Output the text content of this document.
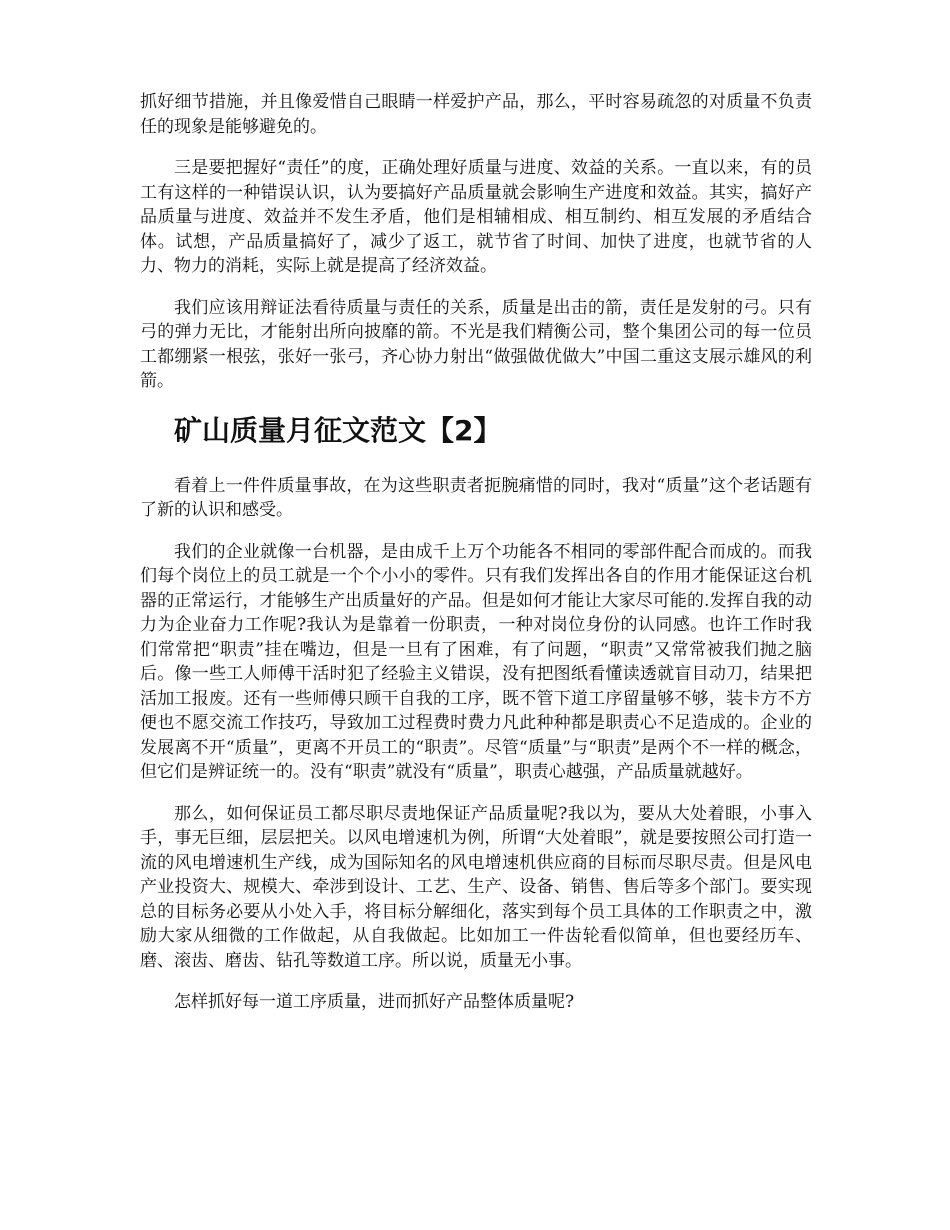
抓好细节措施，并且像爱惜自己眼睛一样爱护产品，那么，平时容易疏忽的对质量不负责任的现象是能够避免的。

三是要把握好“责任”的度，正确处理好质量与进度、效益的关系。一直以来，有的员工有这样的一种错误认识，认为要搞好产品质量就会影响生产进度和效益。其实，搞好产品质量与进度、效益并不发生矛盾，他们是相辅相成、相互制约、相互发展的矛盾结合体。试想，产品质量搞好了，减少了返工，就节省了时间、加快了进度，也就节省的人力、物力的消耗，实际上就是提高了经济效益。

我们应该用辩证法看待质量与责任的关系，质量是出击的箭，责任是发射的弓。只有弓的弹力无比，才能射出所向披靡的箭。不光是我们精衡公司，整个集团公司的每一位员工都绷紧一根弦，张好一张弓，齐心协力射出“做强做优做大”中国二重这支展示雄风的利箭。

矿山质量月征文范文【2】

看着上一件件质量事故，在为这些职责者扼腕痛惜的同时，我对“质量”这个老话题有了新的认识和感受。

我们的企业就像一台机器，是由成千上万个功能各不相同的零部件配合而成的。而我们每个岗位上的员工就是一个个小小的零件。只有我们发挥出各自的作用才能保证这台机器的正常运行，才能够生产出质量好的产品。但是如何才能让大家尽可能的.发挥自我的动力为企业奋力工作呢?我认为是靠着一份职责，一种对岗位身份的认同感。也许工作时我们常常把“职责”挂在嘴边，但是一旦有了困难，有了问题，“职责”又常常被我们抛之脑后。像一些工人师傅干活时犯了经验主义错误，没有把图纸看懂读透就盲目动刀，结果把活加工报废。还有一些师傅只顾干自我的工序，既不管下道工序留量够不够，装卡方不方便也不愿交流工作技巧，导致加工过程费时费力凡此种种都是职责心不足造成的。企业的发展离不开“质量”，更离不开员工的“职责”。尽管“质量”与“职责”是两个不一样的概念，但它们是辨证统一的。没有“职责”就没有“质量”，职责心越强，产品质量就越好。

那么，如何保证员工都尽职尽责地保证产品质量呢?我以为，要从大处着眼，小事入手，事无巨细，层层把关。以风电增速机为例，所谓“大处着眼”，就是要按照公司打造一流的风电增速机生产线，成为国际知名的风电增速机供应商的目标而尽职尽责。但是风电产业投资大、规模大、牵涉到设计、工艺、生产、设备、销售、售后等多个部门。要实现总的目标务必要从小处入手，将目标分解细化，落实到每个员工具体的工作职责之中，激励大家从细微的工作做起，从自我做起。比如加工一件齿轮看似简单，但也要经历车、磨、滚齿、磨齿、钻孔等数道工序。所以说，质量无小事。

怎样抓好每一道工序质量，进而抓好产品整体质量呢?
